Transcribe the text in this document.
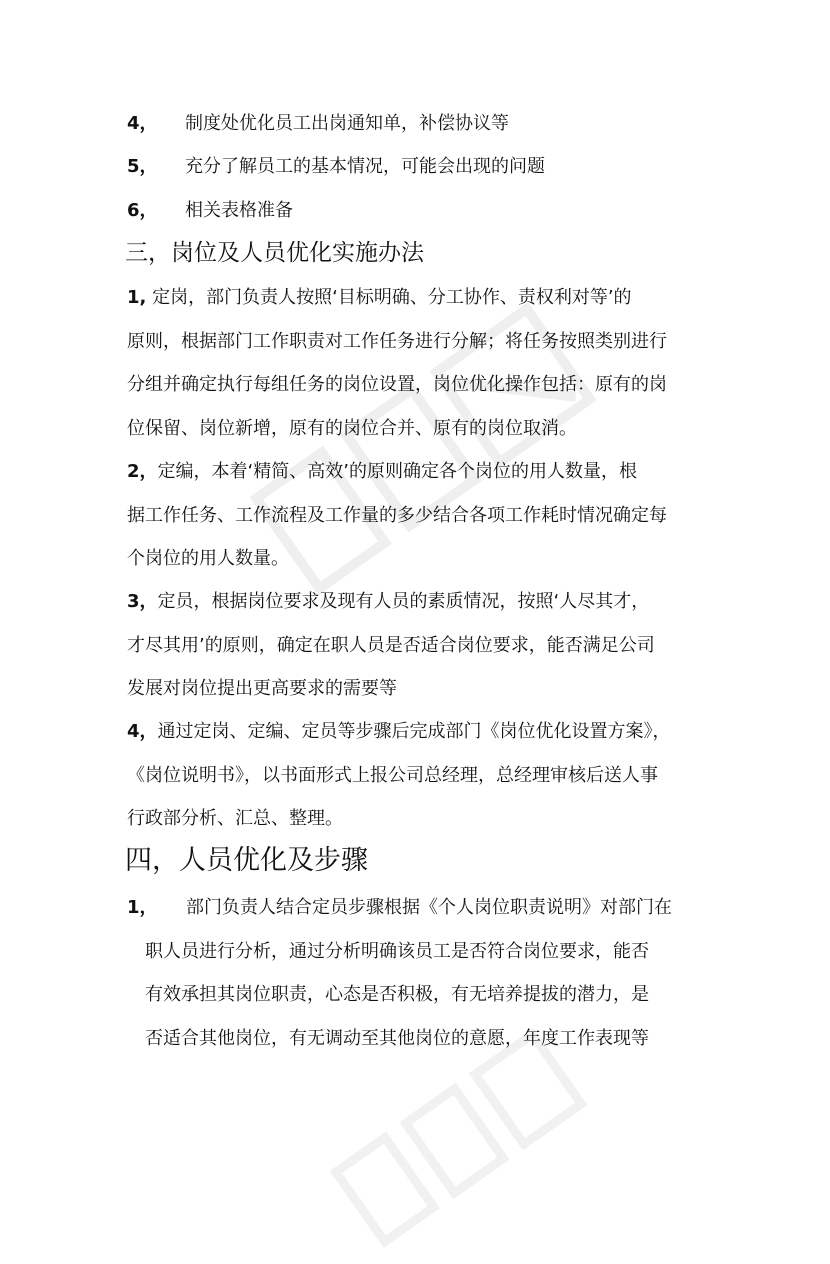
4， 制度处优化员工出岗通知单，补偿协议等
5， 充分了解员工的基本情况，可能会出现的问题
6， 相关表格准备
三，岗位及人员优化实施办法
1, 定岗，部门负责人按照‘目标明确、分工协作、责权利对等’的
原则，根据部门工作职责对工作任务进行分解；将任务按照类别进行
分组并确定执行每组任务的岗位设置，岗位优化操作包括：原有的岗
位保留、岗位新增，原有的岗位合并、原有的岗位取消。
2，定编，本着‘精简、高效’的原则确定各个岗位的用人数量，根
据工作任务、工作流程及工作量的多少结合各项工作耗时情况确定每
个岗位的用人数量。
3，定员，根据岗位要求及现有人员的素质情况，按照‘人尽其才，
才尽其用’的原则，确定在职人员是否适合岗位要求，能否满足公司
发展对岗位提出更高要求的需要等
4，通过定岗、定编、定员等步骤后完成部门《岗位优化设置方案》，
《岗位说明书》，以书面形式上报公司总经理，总经理审核后送人事
行政部分析、汇总、整理。
四，人员优化及步骤
1，	部门负责人结合定员步骤根据《个人岗位职责说明》对部门在
职人员进行分析，通过分析明确该员工是否符合岗位要求，能否
有效承担其岗位职责，心态是否积极，有无培养提拔的潜力，是
否适合其他岗位，有无调动至其他岗位的意愿，年度工作表现等
